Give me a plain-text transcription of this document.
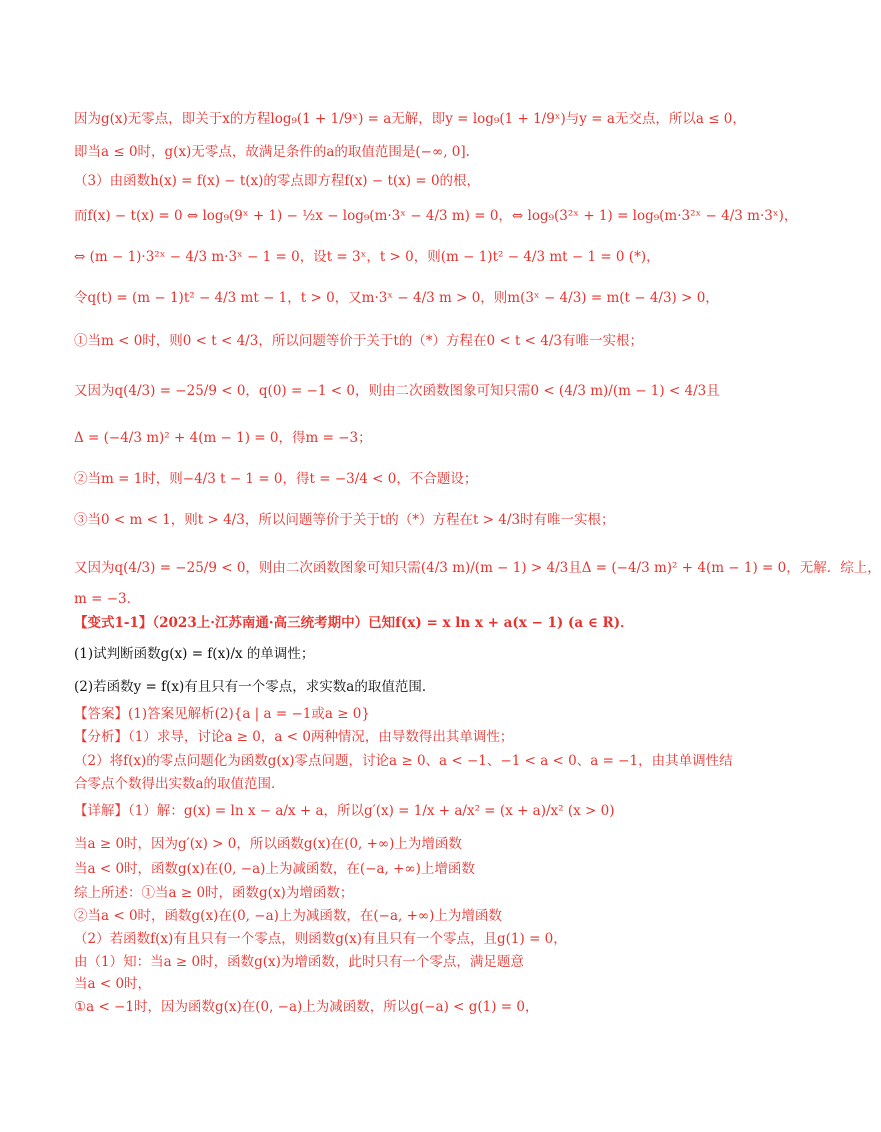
因为g(x)无零点，即关于x的方程log₉(1 + 1/9ˣ) = a无解，即y = log₉(1 + 1/9ˣ)与y = a无交点，所以a ≤ 0，
即当a ≤ 0时，g(x)无零点，故满足条件的a的取值范围是(−∞, 0].
（3）由函数h(x) = f(x) − t(x)的零点即方程f(x) − t(x) = 0的根，
而f(x) − t(x) = 0 ⇔ log₉(9ˣ + 1) − ½x − log₉(m·3ˣ − 4/3 m) = 0，⇔ log₉(3²ˣ + 1) = log₉(m·3²ˣ − 4/3 m·3ˣ)，
⇔ (m − 1)·3²ˣ − 4/3 m·3ˣ − 1 = 0，设t = 3ˣ，t > 0，则(m − 1)t² − 4/3 mt − 1 = 0 (*)，
令q(t) = (m − 1)t² − 4/3 mt − 1，t > 0，又m·3ˣ − 4/3 m > 0，则m(3ˣ − 4/3) = m(t − 4/3) > 0，
①当m < 0时，则0 < t < 4/3，所以问题等价于关于t的（*）方程在0 < t < 4/3有唯一实根；
又因为q(4/3) = −25/9 < 0，q(0) = −1 < 0，则由二次函数图象可知只需0 < (4/3 m)/(m − 1) < 4/3且
Δ = (−4/3 m)² + 4(m − 1) = 0，得m = −3；
②当m = 1时，则−4/3 t − 1 = 0，得t = −3/4 < 0，不合题设；
③当0 < m < 1，则t > 4/3，所以问题等价于关于t的（*）方程在t > 4/3时有唯一实根；
又因为q(4/3) = −25/9 < 0，则由二次函数图象可知只需(4/3 m)/(m − 1) > 4/3且Δ = (−4/3 m)² + 4(m − 1) = 0，无解．综上，
m = −3．
【变式1-1】（2023上·江苏南通·高三统考期中）已知f(x) = x ln x + a(x − 1) (a ∈ R)．
(1)试判断函数g(x) = f(x)/x 的单调性；
(2)若函数y = f(x)有且只有一个零点，求实数a的取值范围．
【答案】(1)答案见解析(2){a | a = −1或a ≥ 0}
【分析】（1）求导，讨论a ≥ 0，a < 0两种情况，由导数得出其单调性；
（2）将f(x)的零点问题化为函数g(x)零点问题，讨论a ≥ 0、a < −1、−1 < a < 0、a = −1，由其单调性结
合零点个数得出实数a的取值范围．
【详解】（1）解：g(x) = ln x − a/x + a，所以g′(x) = 1/x + a/x² = (x + a)/x² (x > 0)
当a ≥ 0时，因为g′(x) > 0，所以函数g(x)在(0, +∞)上为增函数
当a < 0时，函数g(x)在(0, −a)上为减函数，在(−a, +∞)上增函数
综上所述：①当a ≥ 0时，函数g(x)为增函数；
②当a < 0时，函数g(x)在(0, −a)上为减函数，在(−a, +∞)上为增函数
（2）若函数f(x)有且只有一个零点，则函数g(x)有且只有一个零点，且g(1) = 0，
由（1）知：当a ≥ 0时，函数g(x)为增函数，此时只有一个零点，满足题意
当a < 0时，
①a < −1时，因为函数g(x)在(0, −a)上为减函数，所以g(−a) < g(1) = 0，
